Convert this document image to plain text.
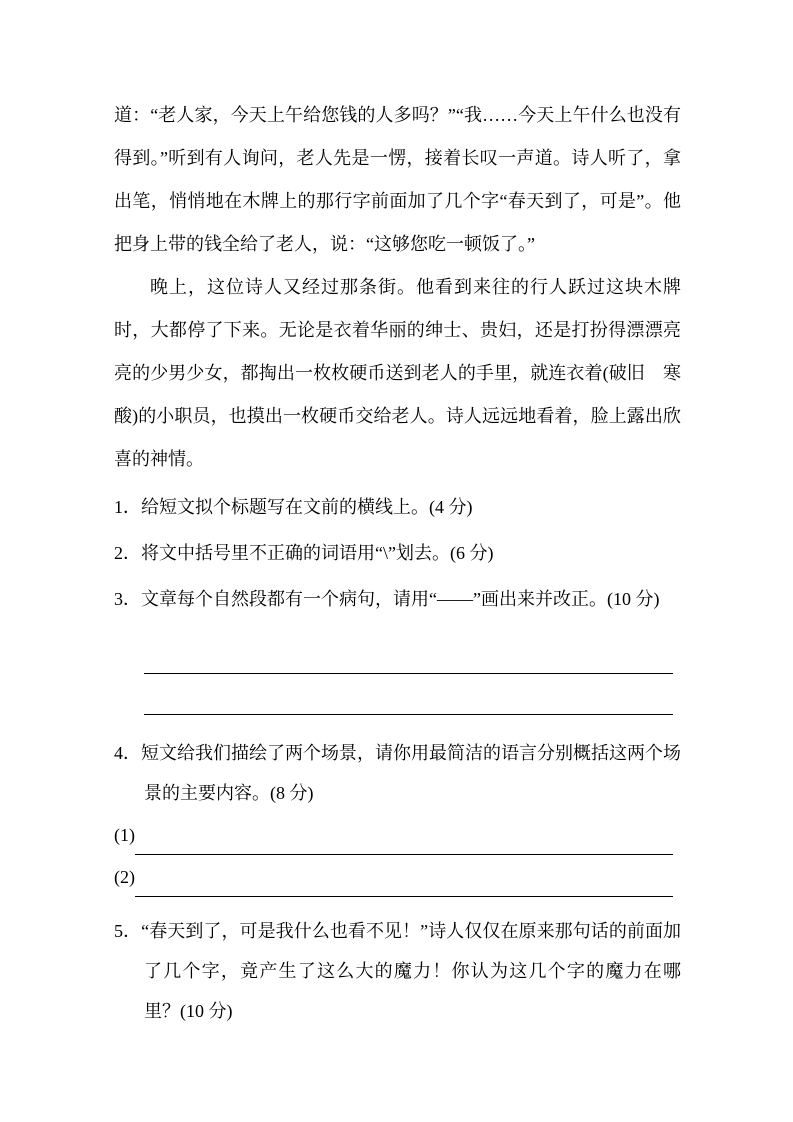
道：“老人家，今天上午给您钱的人多吗？”“我……今天上午什么也没有得到。”听到有人询问，老人先是一愣，接着长叹一声道。诗人听了，拿出笔，悄悄地在木牌上的那行字前面加了几个字“春天到了，可是”。他把身上带的钱全给了老人，说：“这够您吃一顿饭了。”

晚上，这位诗人又经过那条街。他看到来往的行人跃过这块木牌时，大都停了下来。无论是衣着华丽的绅士、贵妇，还是打扮得漂漂亮亮的少男少女，都掏出一枚枚硬币送到老人的手里，就连衣着(破旧　寒酸)的小职员，也摸出一枚硬币交给老人。诗人远远地看着，脸上露出欣喜的神情。

1．给短文拟个标题写在文前的横线上。(4 分)

2．将文中括号里不正确的词语用“\”划去。(6 分)

3．文章每个自然段都有一个病句，请用“——”画出来并改正。(10 分)

4．短文给我们描绘了两个场景，请你用最简洁的语言分别概括这两个场景的主要内容。(8 分)

(1)
(2)

5．“春天到了，可是我什么也看不见！”诗人仅仅在原来那句话的前面加了几个字，竟产生了这么大的魔力！你认为这几个字的魔力在哪里？(10 分)
